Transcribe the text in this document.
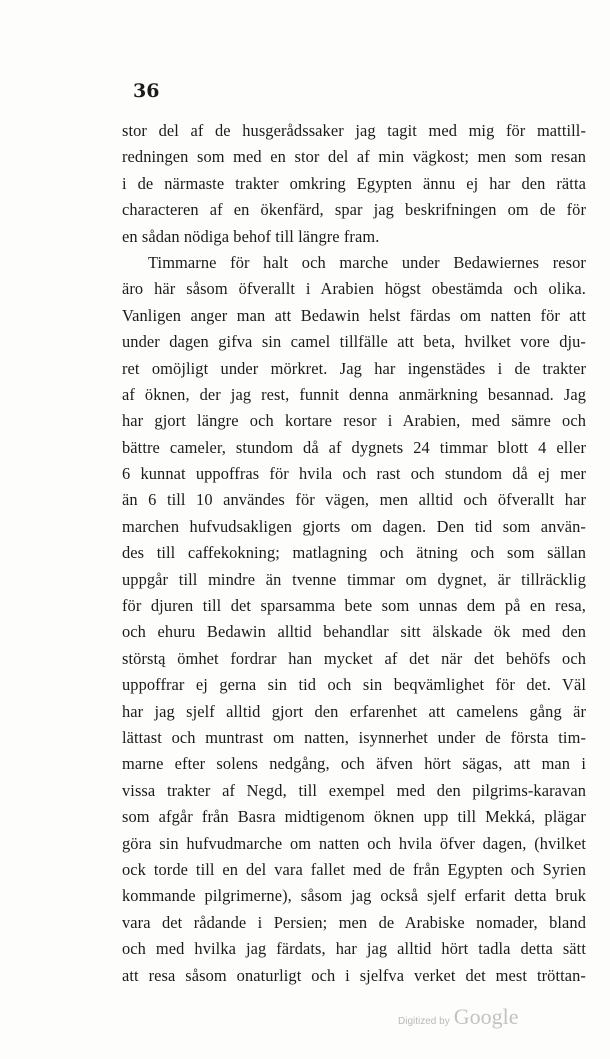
36
stor del af de husgerådssaker jag tagit med mig för mattill-
redningen som med en stor del af min vägkost; men som resan
i de närmaste trakter omkring Egypten ännu ej har den rätta
characteren af en ökenfärd, spar jag beskrifningen om de för
en sådan nödiga behof till längre fram.
Timmarne för halt och marche under Bedawiernes resor
äro här såsom öfverallt i Arabien högst obestämda och olika.
Vanligen anger man att Bedawin helst färdas om natten för att
under dagen gifva sin camel tillfälle att beta, hvilket vore dju-
ret omöjligt under mörkret. Jag har ingenstädes i de trakter
af öknen, der jag rest, funnit denna anmärkning besannad. Jag
har gjort längre och kortare resor i Arabien, med sämre och
bättre cameler, stundom då af dygnets 24 timmar blott 4 eller
6 kunnat uppoffras för hvila och rast och stundom då ej mer
än 6 till 10 användes för vägen, men alltid och öfverallt har
marchen hufvudsakligen gjorts om dagen. Den tid som använ-
des till caffekokning; matlagning och ätning och som sällan
uppgår till mindre än tvenne timmar om dygnet, är tillräcklig
för djuren till det sparsamma bete som unnas dem på en resa,
och ehuru Bedawin alltid behandlar sitt älskade ök med den
störstą ömhet fordrar han mycket af det när det behöfs och
uppoffrar ej gerna sin tid och sin beqvämlighet för det. Väl
har jag sjelf alltid gjort den erfarenhet att camelens gång är
lättast och muntrast om natten, isynnerhet under de första tim-
marne efter solens nedgång, och äfven hört sägas, att man i
vissa trakter af Negd, till exempel med den pilgrims-karavan
som afgår från Basra midtigenom öknen upp till Mekká, plägar
göra sin hufvudmarche om natten och hvila öfver dagen, (hvilket
ock torde till en del vara fallet med de från Egypten och Syrien
kommande pilgrimerne), såsom jag också sjelf erfarit detta bruk
vara det rådande i Persien; men de Arabiske nomader, bland
och med hvilka jag färdats, har jag alltid hört tadla detta sätt
att resa såsom onaturligt och i sjelfva verket det mest tröttan-
Digitized by Google
